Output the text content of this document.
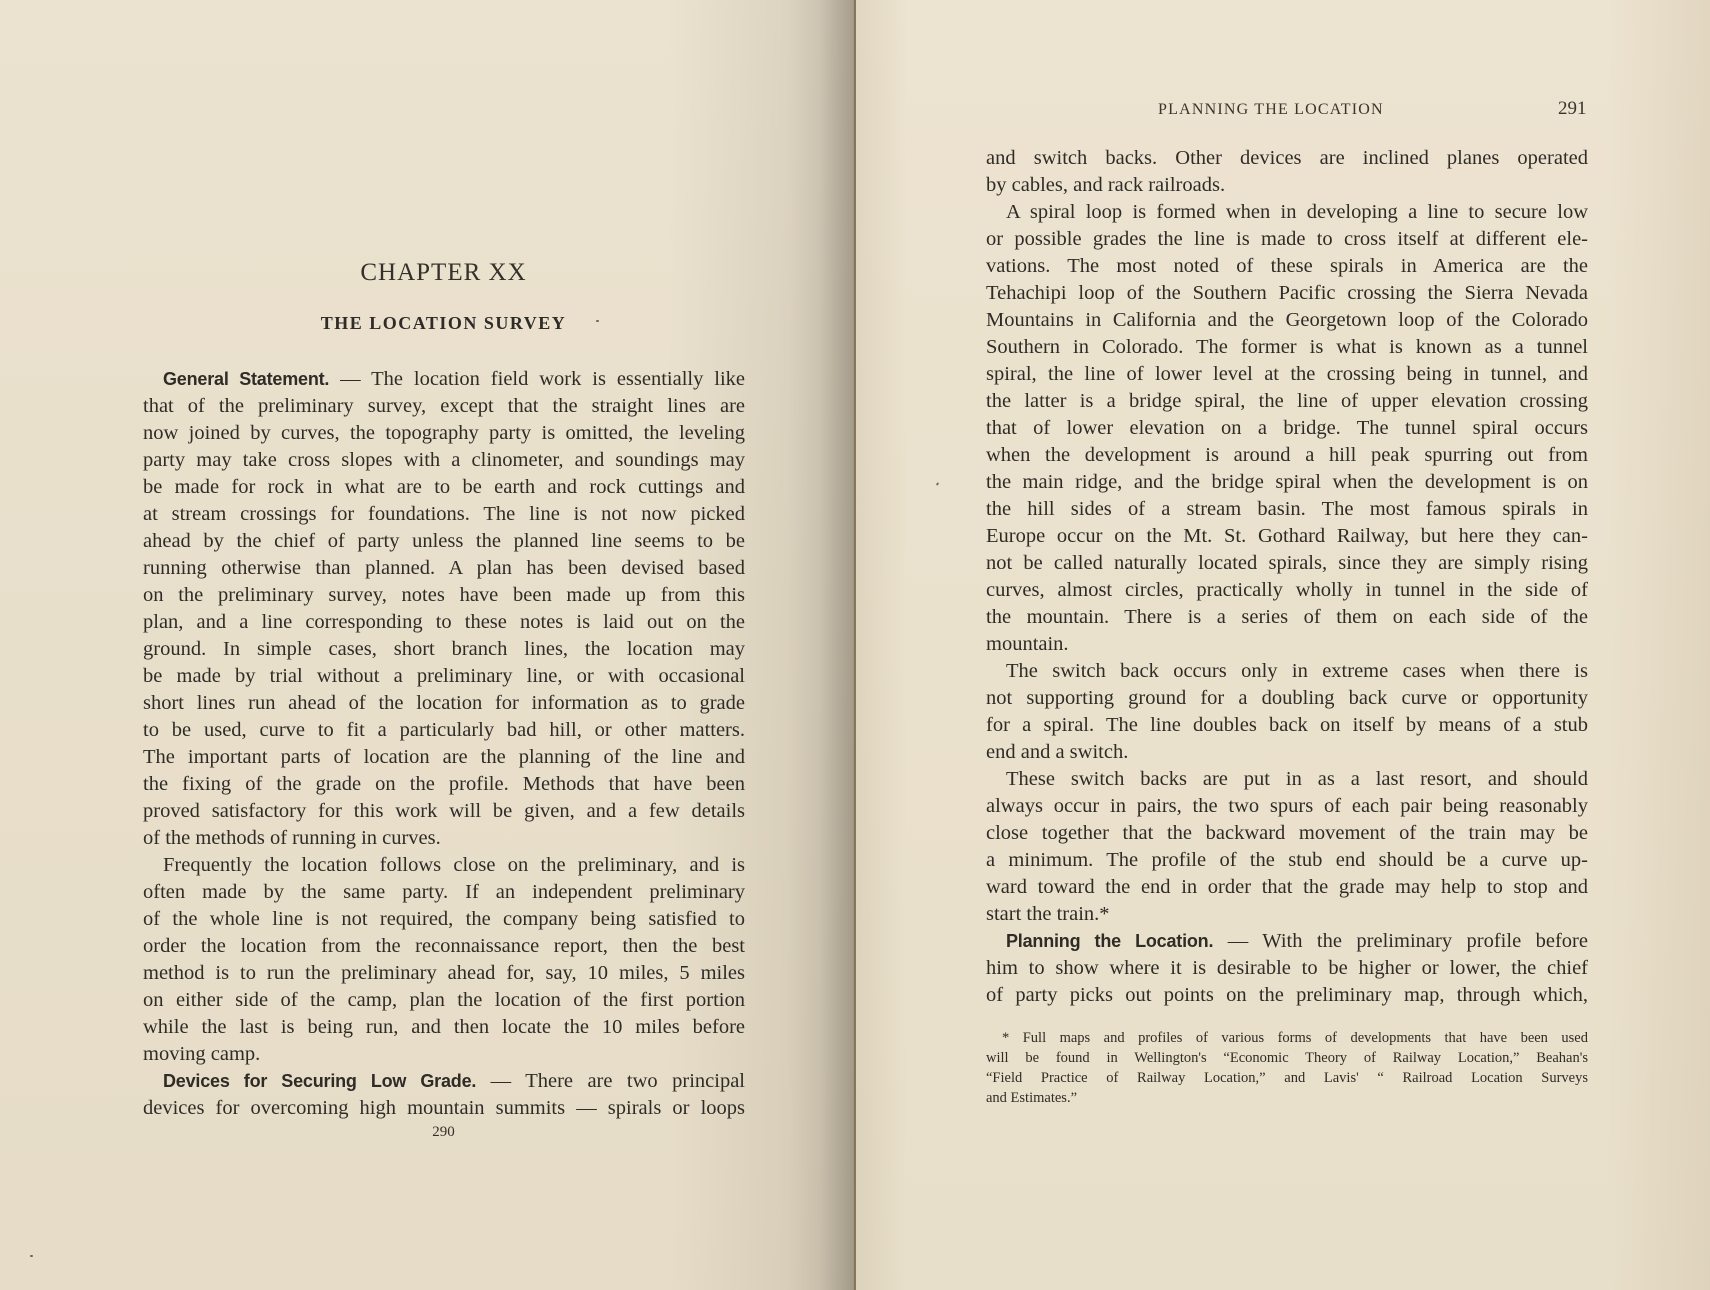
CHAPTER XX
THE LOCATION SURVEY

General Statement. — The location field work is essentially like
that of the preliminary survey, except that the straight lines are
now joined by curves, the topography party is omitted, the leveling
party may take cross slopes with a clinometer, and soundings may
be made for rock in what are to be earth and rock cuttings and
at stream crossings for foundations. The line is not now picked
ahead by the chief of party unless the planned line seems to be
running otherwise than planned. A plan has been devised based
on the preliminary survey, notes have been made up from this
plan, and a line corresponding to these notes is laid out on the
ground. In simple cases, short branch lines, the location may
be made by trial without a preliminary line, or with occasional
short lines run ahead of the location for information as to grade
to be used, curve to fit a particularly bad hill, or other matters.
The important parts of location are the planning of the line and
the fixing of the grade on the profile. Methods that have been
proved satisfactory for this work will be given, and a few details
of the methods of running in curves.

Frequently the location follows close on the preliminary, and is
often made by the same party. If an independent preliminary
of the whole line is not required, the company being satisfied to
order the location from the reconnaissance report, then the best
method is to run the preliminary ahead for, say, 10 miles, 5 miles
on either side of the camp, plan the location of the first portion
while the last is being run, and then locate the 10 miles before
moving camp.

Devices for Securing Low Grade. — There are two principal
devices for overcoming high mountain summits — spirals or loops

290
PLANNING THE LOCATION	291

and switch backs. Other devices are inclined planes operated
by cables, and rack railroads.

A spiral loop is formed when in developing a line to secure low
or possible grades the line is made to cross itself at different ele-
vations. The most noted of these spirals in America are the
Tehachipi loop of the Southern Pacific crossing the Sierra Nevada
Mountains in California and the Georgetown loop of the Colorado
Southern in Colorado. The former is what is known as a tunnel
spiral, the line of lower level at the crossing being in tunnel, and
the latter is a bridge spiral, the line of upper elevation crossing
that of lower elevation on a bridge. The tunnel spiral occurs
when the development is around a hill peak spurring out from
the main ridge, and the bridge spiral when the development is on
the hill sides of a stream basin. The most famous spirals in
Europe occur on the Mt. St. Gothard Railway, but here they can-
not be called naturally located spirals, since they are simply rising
curves, almost circles, practically wholly in tunnel in the side of
the mountain. There is a series of them on each side of the
mountain.

The switch back occurs only in extreme cases when there is
not supporting ground for a doubling back curve or opportunity
for a spiral. The line doubles back on itself by means of a stub
end and a switch.

These switch backs are put in as a last resort, and should
always occur in pairs, the two spurs of each pair being reasonably
close together that the backward movement of the train may be
a minimum. The profile of the stub end should be a curve up-
ward toward the end in order that the grade may help to stop and
start the train.*

Planning the Location. — With the preliminary profile before
him to show where it is desirable to be higher or lower, the chief
of party picks out points on the preliminary map, through which,

* Full maps and profiles of various forms of developments that have been used
will be found in Wellington's “Economic Theory of Railway Location,” Beahan's
“Field Practice of Railway Location,” and Lavis' “ Railroad Location Surveys
and Estimates.”
